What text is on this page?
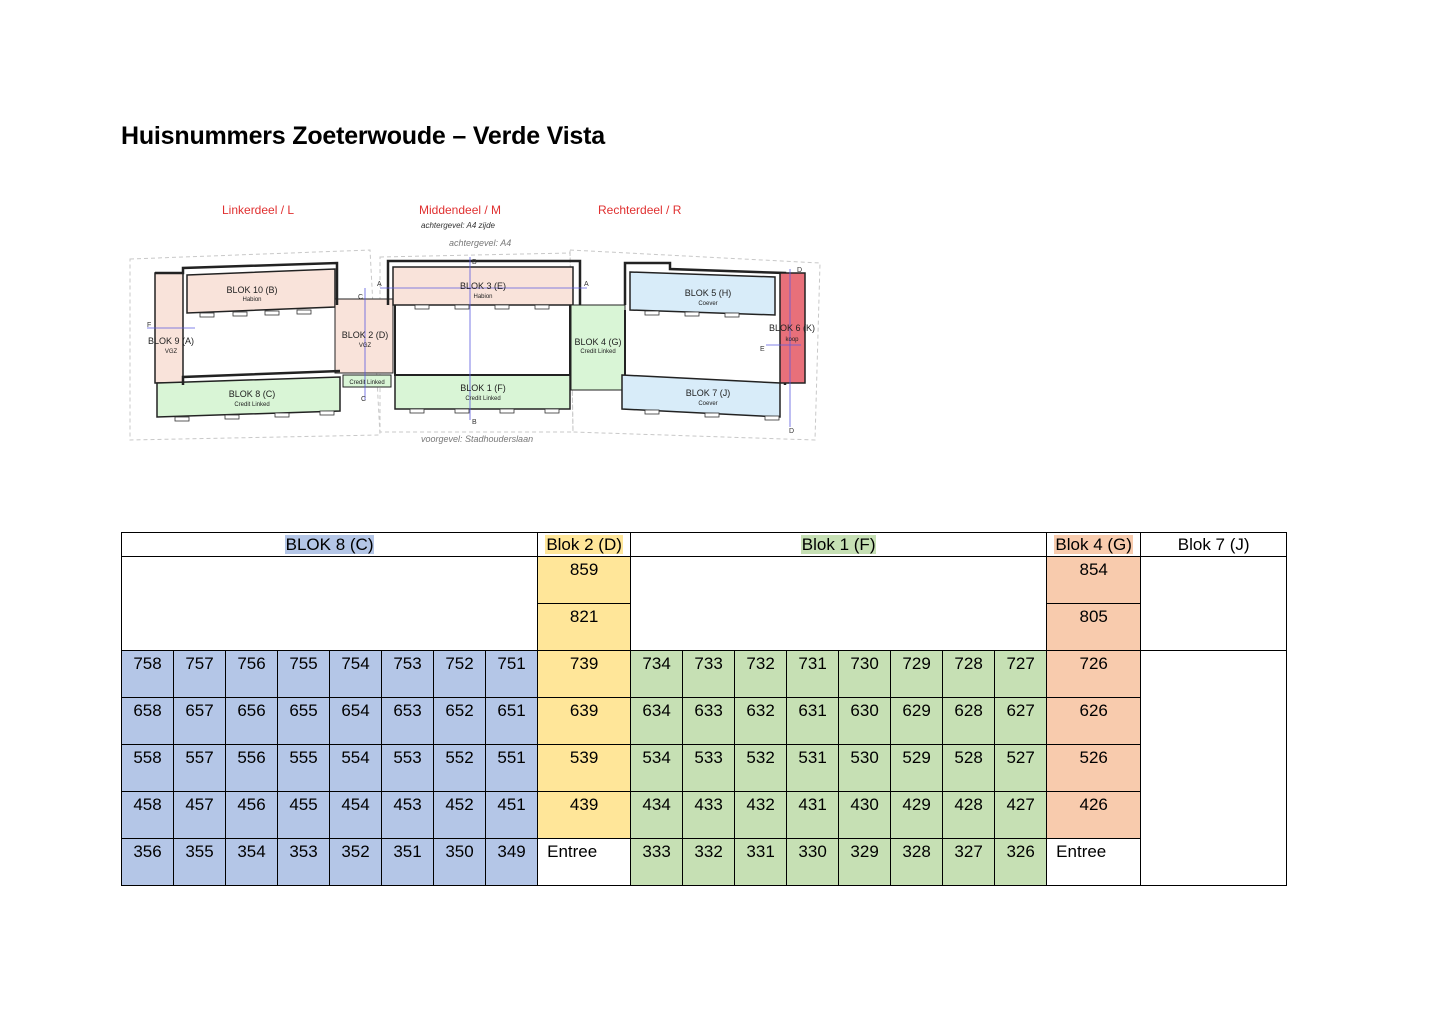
Huisnummers Zoeterwoude – Verde Vista
Linkerdeel / L	Middendeel / M	Rechterdeel / R
achtergevel: A4 zijde
achtergevel: A4
voorgevel: Stadhouderslaan
A	A
B
B
C
C
D
D
E
F
BLOK 10 (B)
Habion
BLOK 9 (A)
VGZ
BLOK 8 (C)
Credit Linked
BLOK 2 (D)
VGZ
BLOK 3 (E)
Habion
BLOK 1 (F)
Credit Linked
BLOK 4 (G)
Credit Linked
BLOK 5 (H)
Coever
BLOK 6 (K)
koop
BLOK 7 (J)
Coever
Credit Linked
BLOK 8 (C)								Blok 2 (D)	Blok 1 (F)								Blok 4 (G)	Blok 7 (J)

								859									854	

								821									805	

758	757	756	755	754	753	752	751	739	734	733	732	731	730	729	728	727	726	

658	657	656	655	654	653	652	651	639	634	633	632	631	630	629	628	627	626	

558	557	556	555	554	553	552	551	539	534	533	532	531	530	529	528	527	526	

458	457	456	455	454	453	452	451	439	434	433	432	431	430	429	428	427	426	

356	355	354	353	352	351	350	349	Entree	333	332	331	330	329	328	327	326	Entree	
